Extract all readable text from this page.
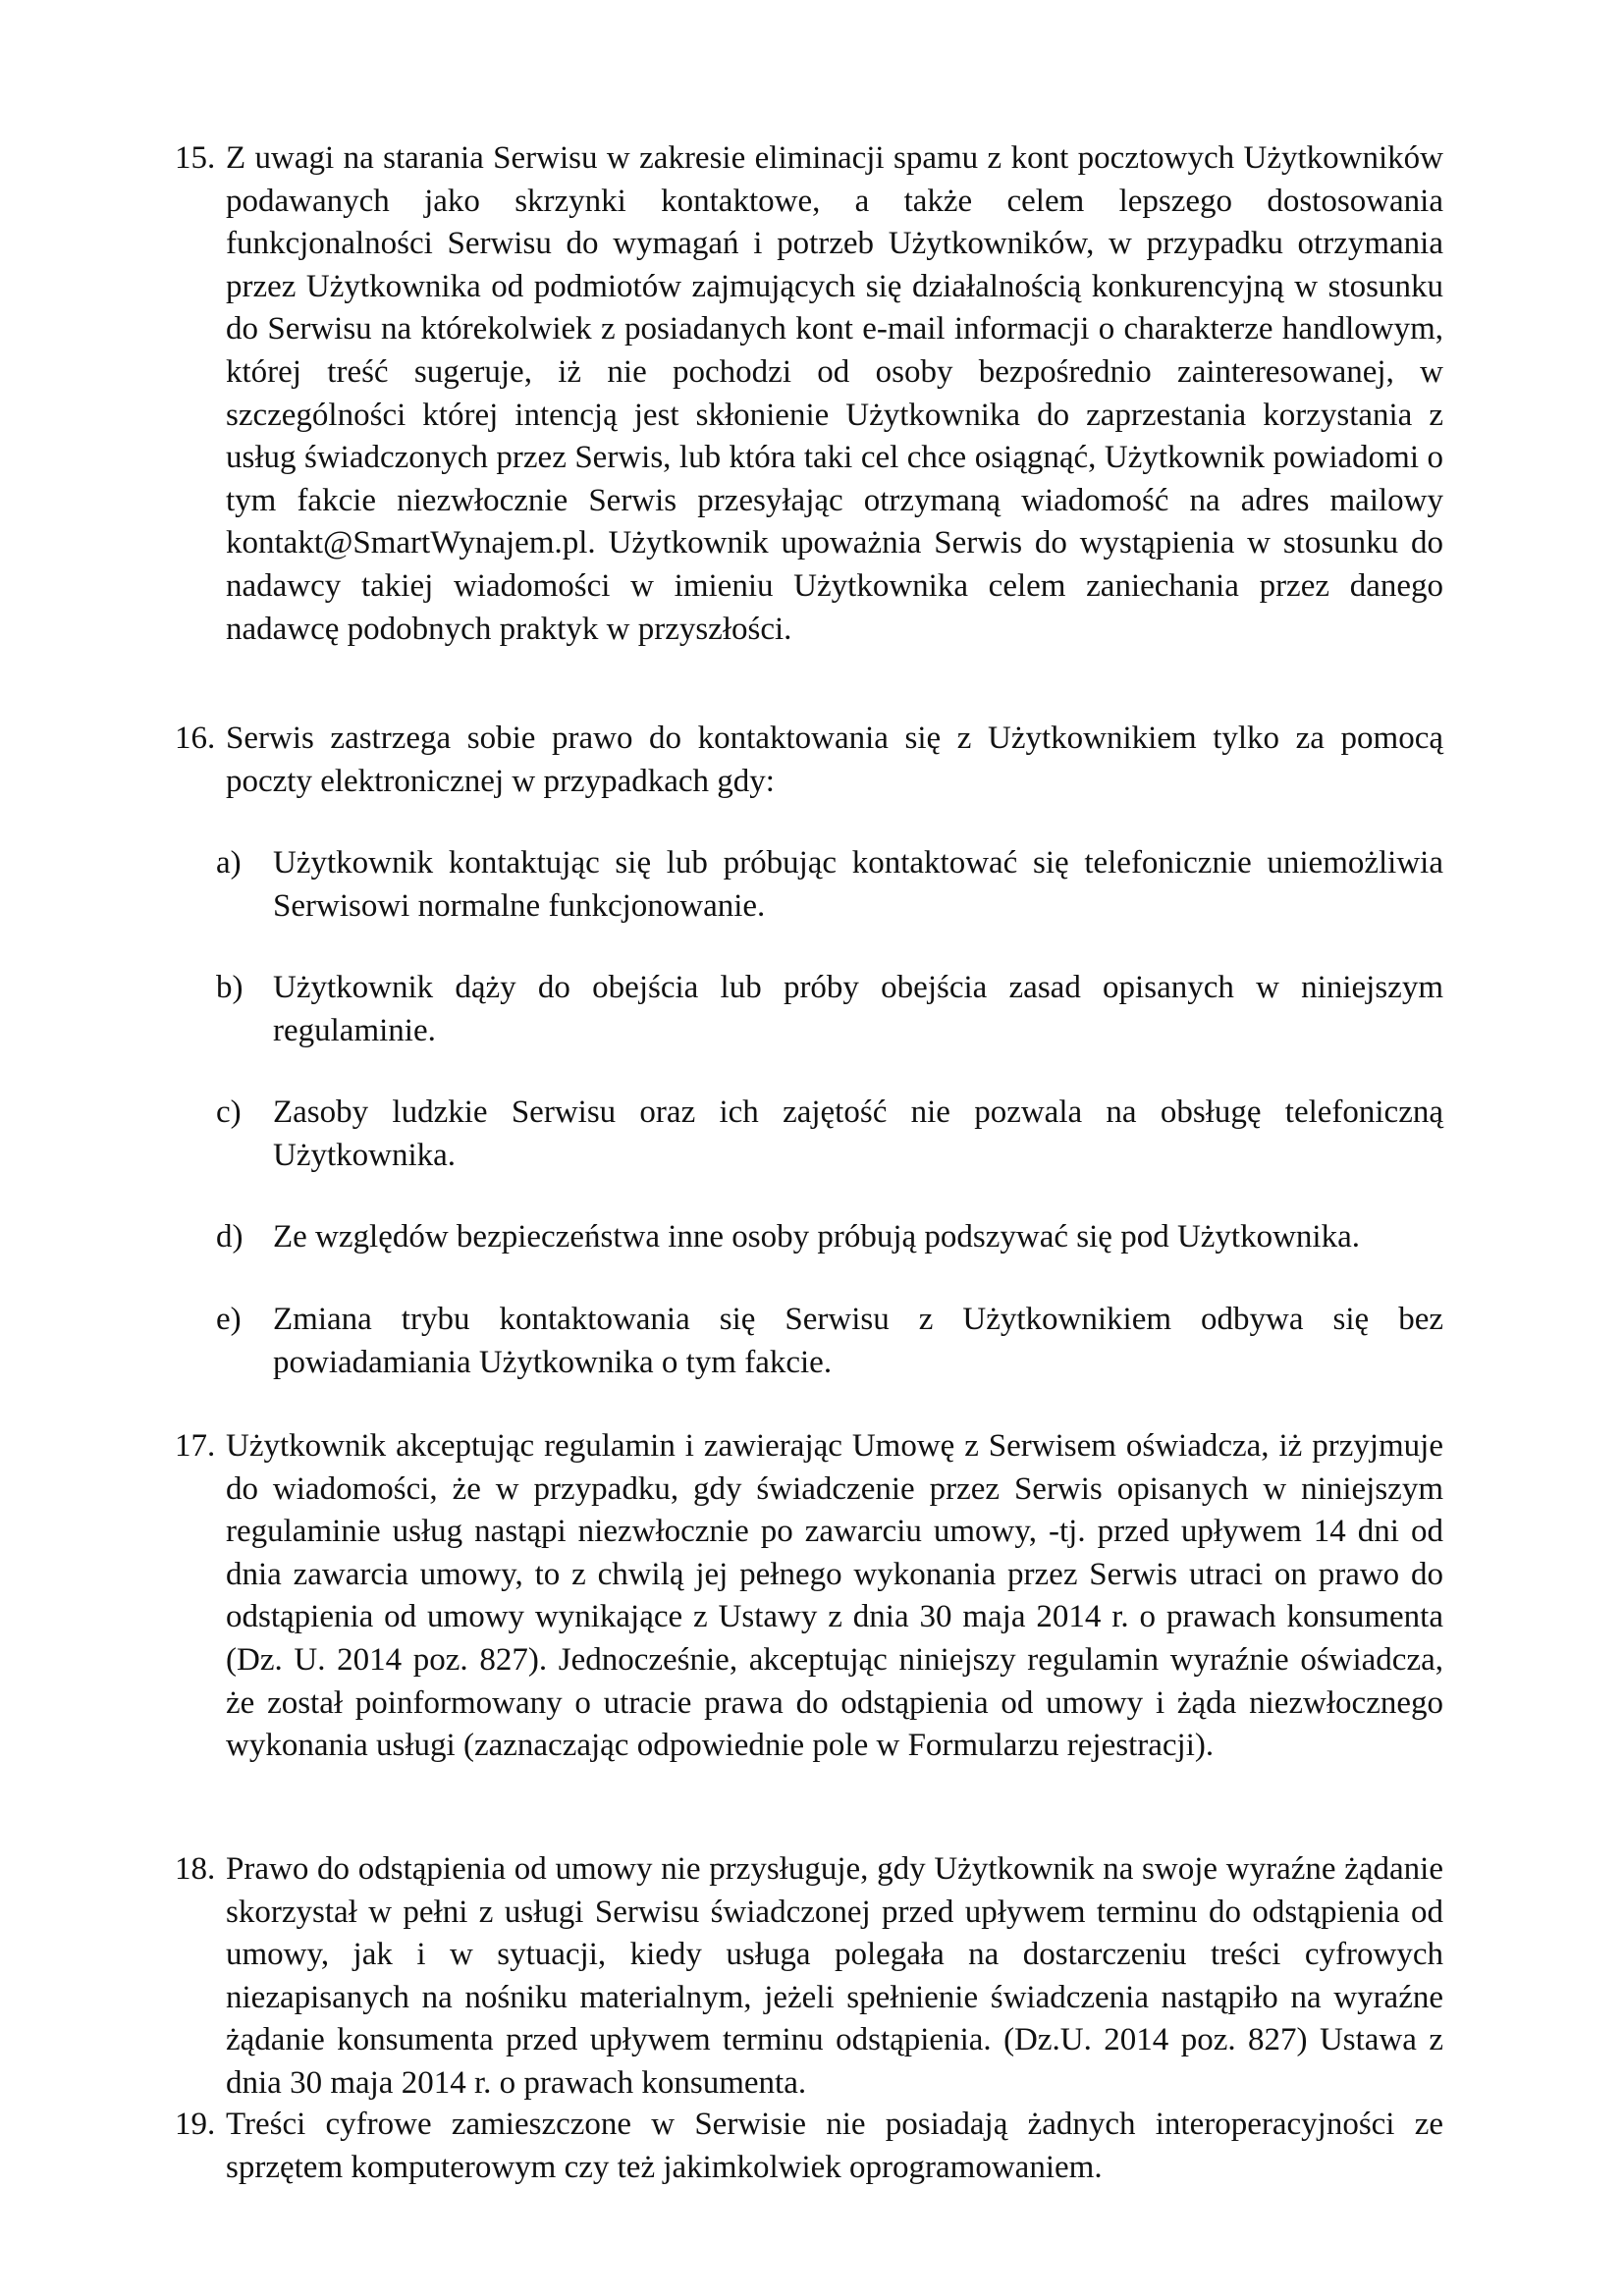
15. Z uwagi na starania Serwisu w zakresie eliminacji spamu z kont pocztowych Użytkowników podawanych jako skrzynki kontaktowe, a także celem lepszego dostosowania funkcjonalności Serwisu do wymagań i potrzeb Użytkowników, w przypadku otrzymania przez Użytkownika od podmiotów zajmujących się działalnością konkurencyjną w stosunku do Serwisu na którekolwiek z posiadanych kont e-mail informacji o charakterze handlowym, której treść sugeruje, iż nie pochodzi od osoby bezpośrednio zainteresowanej, w szczególności której intencją jest skłonienie Użytkownika do zaprzestania korzystania z usług świadczonych przez Serwis, lub która taki cel chce osiągnąć, Użytkownik powiadomi o tym fakcie niezwłocznie Serwis przesyłając otrzymaną wiadomość na adres mailowy kontakt@SmartWynajem.pl. Użytkownik upoważnia Serwis do wystąpienia w stosunku do nadawcy takiej wiadomości w imieniu Użytkownika celem zaniechania przez danego nadawcę podobnych praktyk w przyszłości.
16. Serwis zastrzega sobie prawo do kontaktowania się z Użytkownikiem tylko za pomocą poczty elektronicznej w przypadkach gdy:
a) Użytkownik kontaktując się lub próbując kontaktować się telefonicznie uniemożliwia Serwisowi normalne funkcjonowanie.
b) Użytkownik dąży do obejścia lub próby obejścia zasad opisanych w niniejszym regulaminie.
c) Zasoby ludzkie Serwisu oraz ich zajętość nie pozwala na obsługę telefoniczną Użytkownika.
d) Ze względów bezpieczeństwa inne osoby próbują podszywać się pod Użytkownika.
e) Zmiana trybu kontaktowania się Serwisu z Użytkownikiem odbywa się bez powiadamiania Użytkownika o tym fakcie.
17. Użytkownik akceptując regulamin i zawierając Umowę z Serwisem oświadcza, iż przyjmuje do wiadomości, że w przypadku, gdy świadczenie przez Serwis opisanych w niniejszym regulaminie usług nastąpi niezwłocznie po zawarciu umowy, -tj. przed upływem 14 dni od dnia zawarcia umowy, to z chwilą jej pełnego wykonania przez Serwis utraci on prawo do odstąpienia od umowy wynikające z Ustawy z dnia 30 maja 2014 r. o prawach konsumenta (Dz. U. 2014 poz. 827). Jednocześnie, akceptując niniejszy regulamin wyraźnie oświadcza, że został poinformowany o utracie prawa do odstąpienia od umowy i żąda niezwłocznego wykonania usługi (zaznaczając odpowiednie pole w Formularzu rejestracji).
18. Prawo do odstąpienia od umowy nie przysługuje, gdy Użytkownik na swoje wyraźne żądanie skorzystał w pełni z usługi Serwisu świadczonej przed upływem terminu do odstąpienia od umowy, jak i w sytuacji, kiedy usługa polegała na dostarczeniu treści cyfrowych niezapisanych na nośniku materialnym, jeżeli spełnienie świadczenia nastąpiło na wyraźne żądanie konsumenta przed upływem terminu odstąpienia. (Dz.U. 2014 poz. 827) Ustawa z dnia 30 maja 2014 r. o prawach konsumenta.
19. Treści cyfrowe zamieszczone w Serwisie nie posiadają żadnych interoperacyjności ze sprzętem komputerowym czy też jakimkolwiek oprogramowaniem.
